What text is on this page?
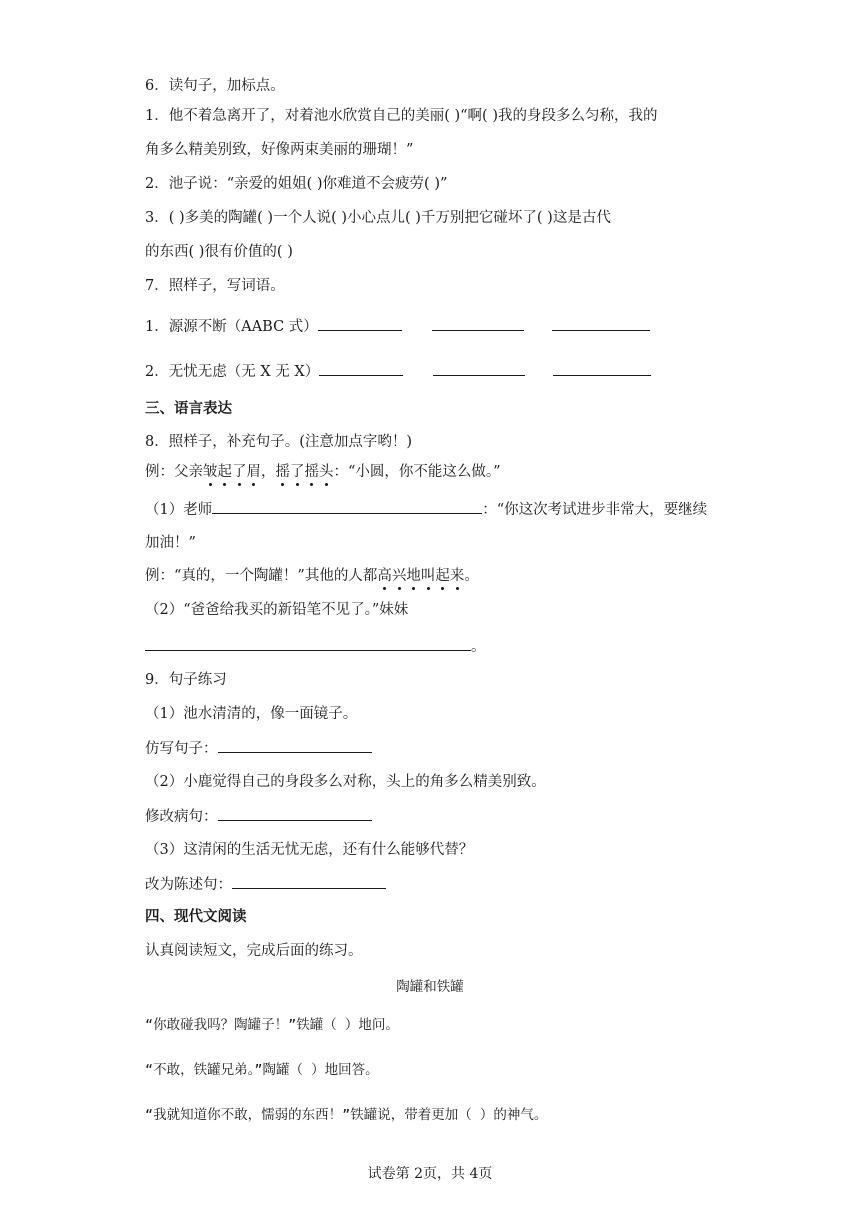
6．读句子，加标点。
1．他不着急离开了，对着池水欣赏自己的美丽( )“啊( )我的身段多么匀称，我的
角多么精美别致，好像两束美丽的珊瑚！”
2．池子说：“亲爱的姐姐( )你难道不会疲劳( )”
3．( )多美的陶罐( )一个人说( )小心点儿( )千万别把它碰坏了( )这是古代
的东西( )很有价值的( )
7．照样子，写词语。
1．源源不断（AABC 式）
2．无忧无虑（无 X 无 X）
三、语言表达
8．照样子，补充句子。(注意加点字哟！)
例：父亲皱起了眉，摇了摇头：“小圆，你不能这么做。”
（1）老师	：“你这次考试进步非常大，要继续
加油！”
例：“真的，一个陶罐！”其他的人都高兴地叫起来。
（2）“爸爸给我买的新铅笔不见了。”妹妹
。
9．句子练习
（1）池水清清的，像一面镜子。
仿写句子：
（2）小鹿觉得自己的身段多么对称，头上的角多么精美别致。
修改病句：
（3）这清闲的生活无忧无虑，还有什么能够代替？
改为陈述句：
四、现代文阅读
认真阅读短文，完成后面的练习。
陶罐和铁罐
“你敢碰我吗？陶罐子！”铁罐（ ）地问。
“不敢，铁罐兄弟。”陶罐（ ）地回答。
“我就知道你不敢，懦弱的东西！”铁罐说，带着更加（ ）的神气。
试卷第 2页，共 4页
